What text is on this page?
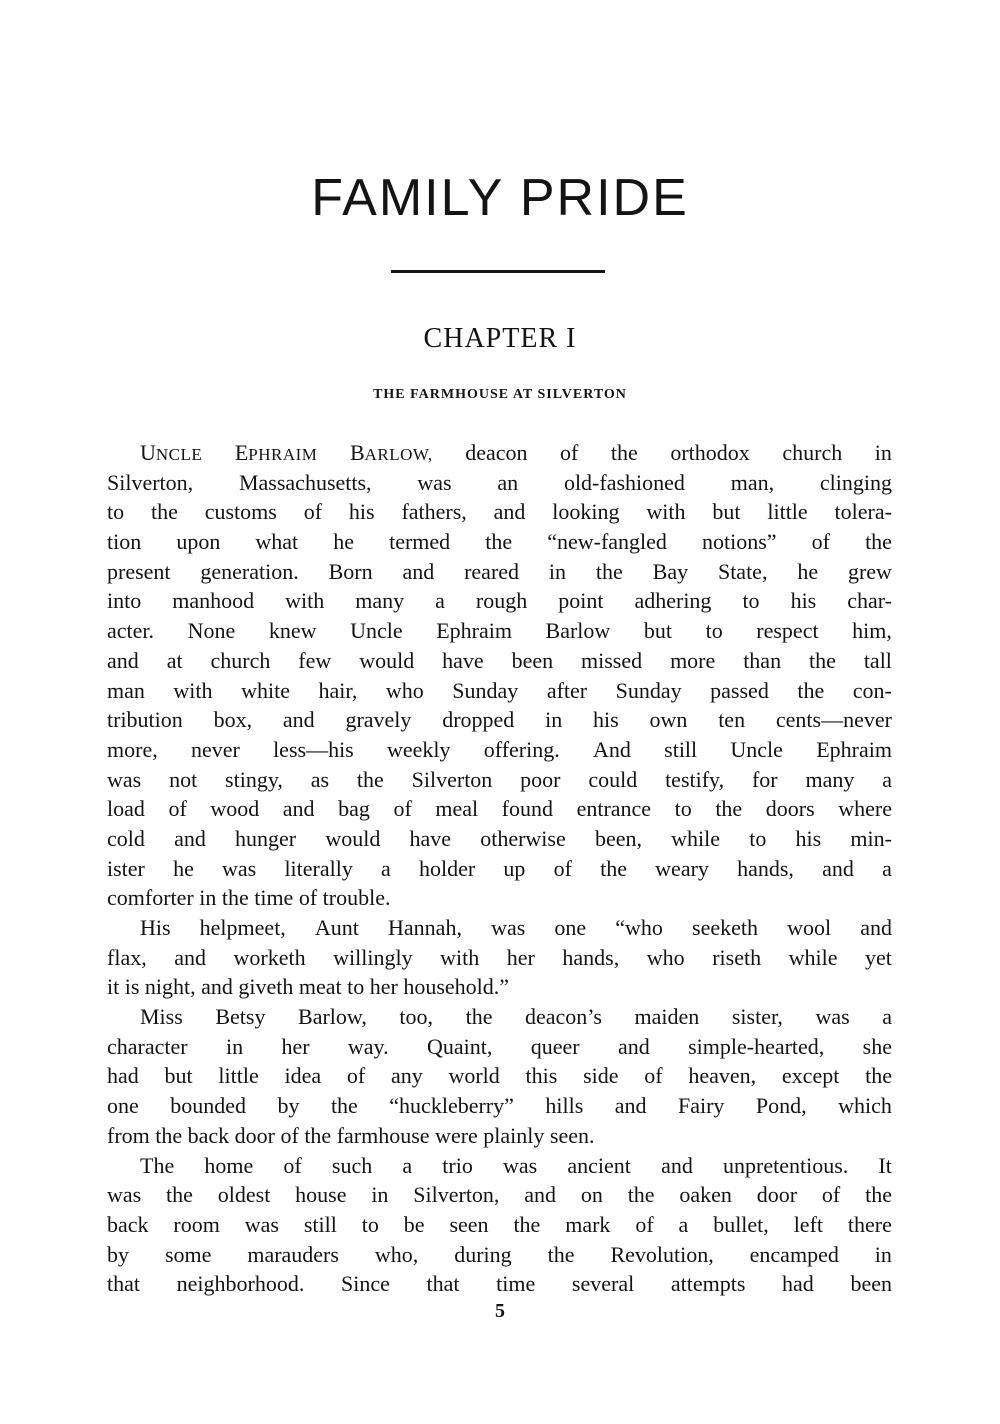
FAMILY PRIDE
CHAPTER I
THE FARMHOUSE AT SILVERTON
UNCLE EPHRAIM BARLOW, deacon of the orthodox church in
Silverton, Massachusetts, was an old-fashioned man, clinging
to the customs of his fathers, and looking with but little tolera-
tion upon what he termed the “new-fangled notions” of the
present generation. Born and reared in the Bay State, he grew
into manhood with many a rough point adhering to his char-
acter. None knew Uncle Ephraim Barlow but to respect him,
and at church few would have been missed more than the tall
man with white hair, who Sunday after Sunday passed the con-
tribution box, and gravely dropped in his own ten cents—never
more, never less—his weekly offering. And still Uncle Ephraim
was not stingy, as the Silverton poor could testify, for many a
load of wood and bag of meal found entrance to the doors where
cold and hunger would have otherwise been, while to his min-
ister he was literally a holder up of the weary hands, and a
comforter in the time of trouble.
His helpmeet, Aunt Hannah, was one “who seeketh wool and
flax, and worketh willingly with her hands, who riseth while yet
it is night, and giveth meat to her household.”
Miss Betsy Barlow, too, the deacon’s maiden sister, was a
character in her way. Quaint, queer and simple-hearted, she
had but little idea of any world this side of heaven, except the
one bounded by the “huckleberry” hills and Fairy Pond, which
from the back door of the farmhouse were plainly seen.
The home of such a trio was ancient and unpretentious. It
was the oldest house in Silverton, and on the oaken door of the
back room was still to be seen the mark of a bullet, left there
by some marauders who, during the Revolution, encamped in
that neighborhood. Since that time several attempts had been

5
